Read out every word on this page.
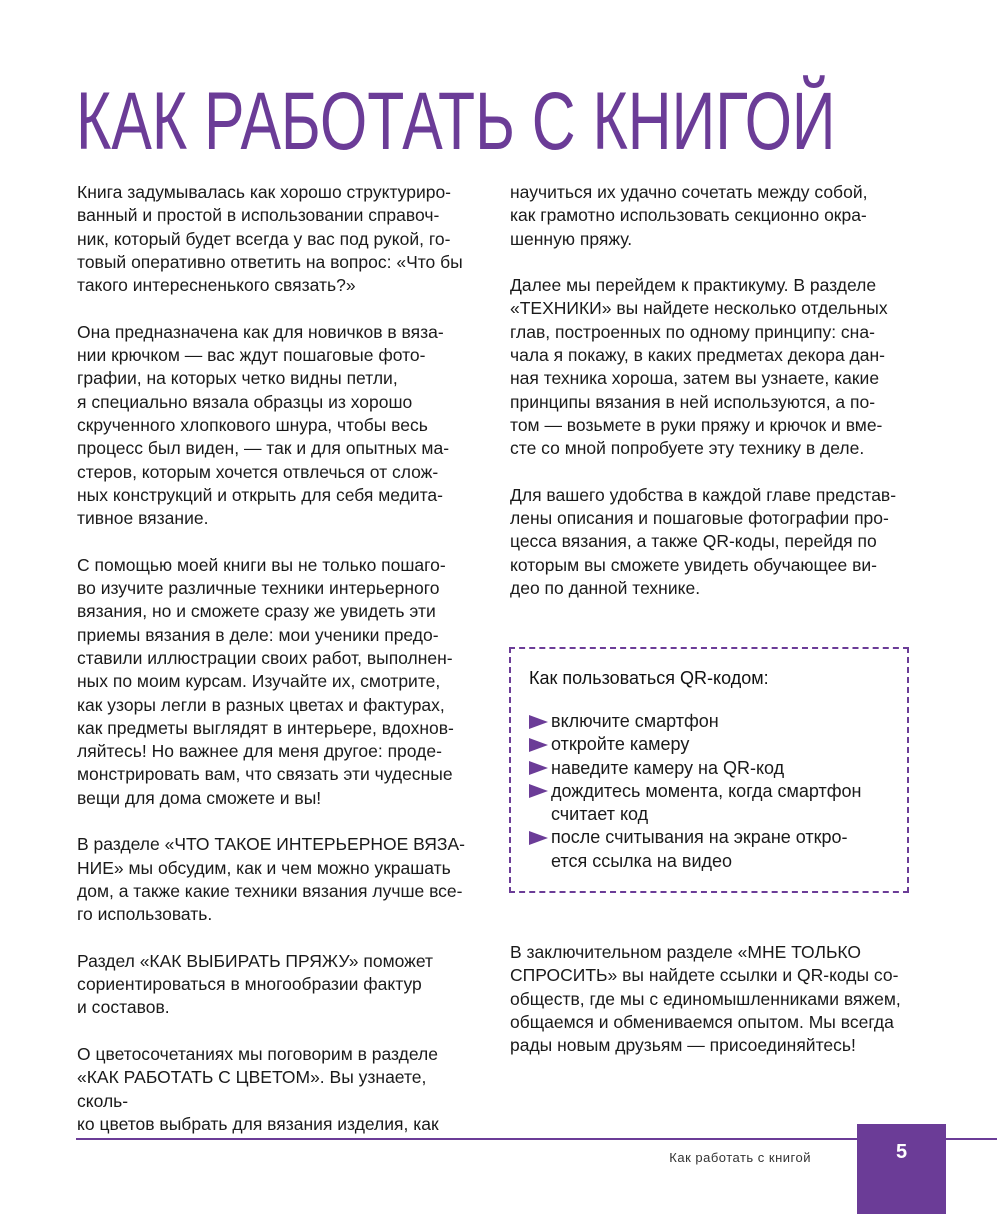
КАК РАБОТАТЬ С КНИГОЙ

Книга задумывалась как хорошо структуриро-
ванный и простой в использовании справоч-
ник, который будет всегда у вас под рукой, го-
товый оперативно ответить на вопрос: «Что бы
такого интересненького связать?»

Она предназначена как для новичков в вяза-
нии крючком — вас ждут пошаговые фото-
графии, на которых четко видны петли,
я специально вязала образцы из хорошо
скрученного хлопкового шнура, чтобы весь
процесс был виден, — так и для опытных ма-
стеров, которым хочется отвлечься от слож-
ных конструкций и открыть для себя медита-
тивное вязание.

С помощью моей книги вы не только пошаго-
во изучите различные техники интерьерного
вязания, но и сможете сразу же увидеть эти
приемы вязания в деле: мои ученики предо-
ставили иллюстрации своих работ, выполнен-
ных по моим курсам. Изучайте их, смотрите,
как узоры легли в разных цветах и фактурах,
как предметы выглядят в интерьере, вдохнов-
ляйтесь! Но важнее для меня другое: проде-
монстрировать вам, что связать эти чудесные
вещи для дома сможете и вы!

В разделе «ЧТО ТАКОЕ ИНТЕРЬЕРНОЕ ВЯЗА-
НИЕ» мы обсудим, как и чем можно украшать
дом, а также какие техники вязания лучше все-
го использовать.

Раздел «КАК ВЫБИРАТЬ ПРЯЖУ» поможет
сориентироваться в многообразии фактур
и составов.

О цветосочетаниях мы поговорим в разделе
«КАК РАБОТАТЬ С ЦВЕТОМ». Вы узнаете, сколь-
ко цветов выбрать для вязания изделия, как

научиться их удачно сочетать между собой,
как грамотно использовать секционно окра-
шенную пряжу.

Далее мы перейдем к практикуму. В разделе
«ТЕХНИКИ» вы найдете несколько отдельных
глав, построенных по одному принципу: сна-
чала я покажу, в каких предметах декора дан-
ная техника хороша, затем вы узнаете, какие
принципы вязания в ней используются, а по-
том — возьмете в руки пряжу и крючок и вме-
сте со мной попробуете эту технику в деле.

Для вашего удобства в каждой главе представ-
лены описания и пошаговые фотографии про-
цесса вязания, а также QR-коды, перейдя по
которым вы сможете увидеть обучающее ви-
део по данной технике.

Как пользоваться QR-кодом:

включите смартфон
откройте камеру
наведите камеру на QR-код
дождитесь момента, когда смартфон
считает код
после считывания на экране откро-
ется ссылка на видео

В заключительном разделе «МНЕ ТОЛЬКО
СПРОСИТЬ» вы найдете ссылки и QR-коды со-
обществ, где мы с единомышленниками вяжем,
общаемся и обмениваемся опытом. Мы всегда
рады новым друзьям — присоединяйтесь!

Как работать с книгой	5
